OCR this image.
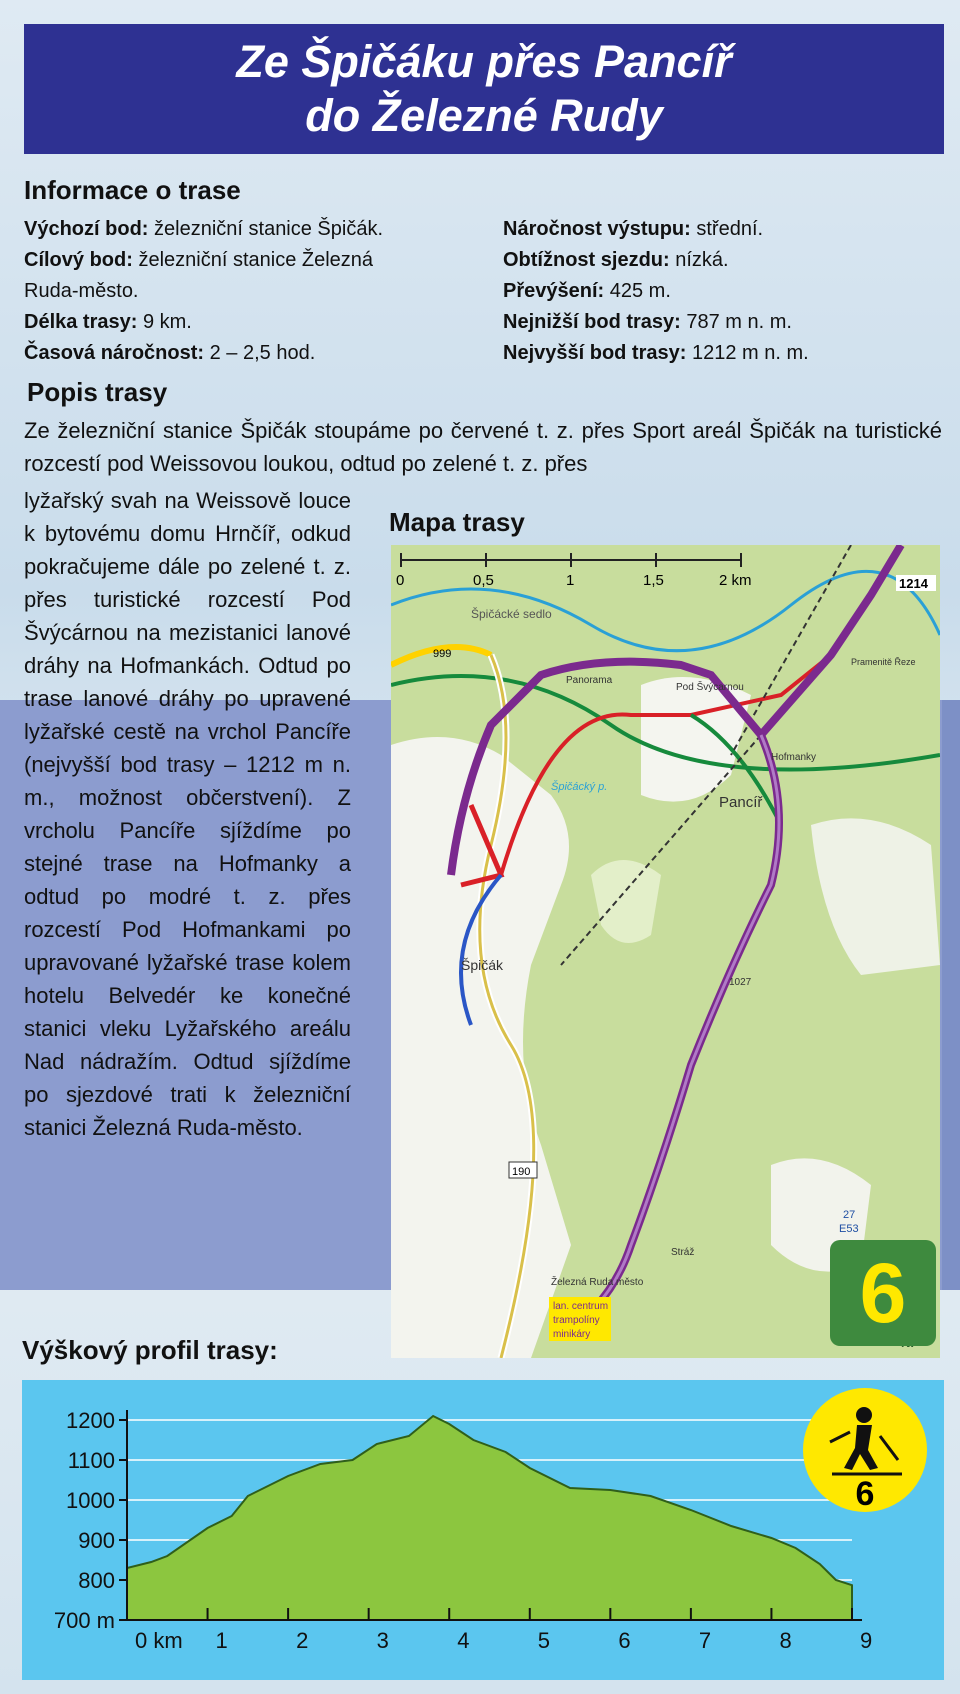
Ze Špičáku přes Pancíř
do Železné Rudy
Informace o trase
Výchozí bod: železniční stanice Špičák.
Cílový bod: železniční stanice Železná
Ruda-město.
Délka trasy: 9 km.
Časová náročnost: 2 – 2,5 hod.
Náročnost výstupu: střední.
Obtížnost sjezdu: nízká.
Převýšení: 425 m.
Nejnižší bod trasy: 787 m n. m.
Nejvyšší bod trasy: 1212 m n. m.
Popis trasy
Ze železniční stanice Špičák stoupáme po červené t. z. přes Sport areál Špičák na turistické rozcestí pod Weissovou loukou, odtud po zelené t. z. přes
lyžařský svah na Weissově louce k bytovému domu Hrnčíř, odkud pokračujeme dále po zelené t. z. přes turistické rozcestí Pod Švýcárnou na mezistanici lanové dráhy na Hofmankách. Odtud po trase lanové dráhy po upravené lyžařské cestě na vrchol Pancíře (nejvyšší bod trasy – 1212 m n. m., možnost občerstvení). Z vrcholu Pancíře sjíždíme po stejné trase na Hofmanky a odtud po modré t. z. přes rozcestí Pod Hofmankami po upravované lyžařské trase kolem hotelu Belvedér ke konečné stanici vleku Lyžařského areálu Nad nádražím. Odtud sjíždíme po sjezdové trati k železniční stanici Železná Ruda-město.
Mapa trasy
0	0,5	1	1,5	2 km
Špičácké sedlo
Špičák
Pancíř
Hofmanky
Pod Švýcarnou
Panorama
Železná Ruda město
Stráž
Špičácký p.
Pramenitě Řeze
1214
999
190
1027
27
E53
lan. centrum
trampolíny
minikáry	6
Výškový profil trasy:
1200
1100
1000
900
800
700 m
0 km 1	2	3	4	5	6	7	8	9
6
